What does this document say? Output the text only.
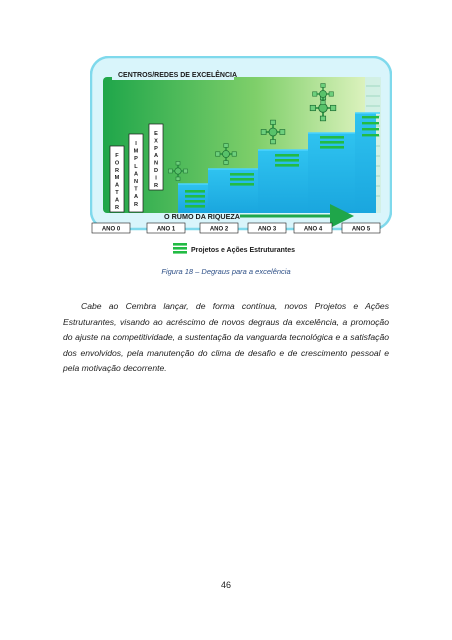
CENTROS/REDES DE EXCELÊNCIA
F
O
R
M
A
T
A
R
I
M
P
L
A
N
T
A
R
E
X
P
A
N
D
I
R
O RUMO DA RIQUEZA
ANO 0	ANO 1	ANO 2	ANO 3	ANO 4	ANO 5
Projetos e Ações Estruturantes
Figura 18 – Degraus para a excelência

Cabe ao Cembra lançar, de forma contínua, novos Projetos e Ações Estruturantes, visando ao acréscimo de novos degraus da excelência, a promoção do ajuste na competitividade, a sustentação da vanguarda tecnológica e a satisfação dos envolvidos, pela manutenção do clima de desafio e de crescimento pessoal e pela motivação decorrente.

46
